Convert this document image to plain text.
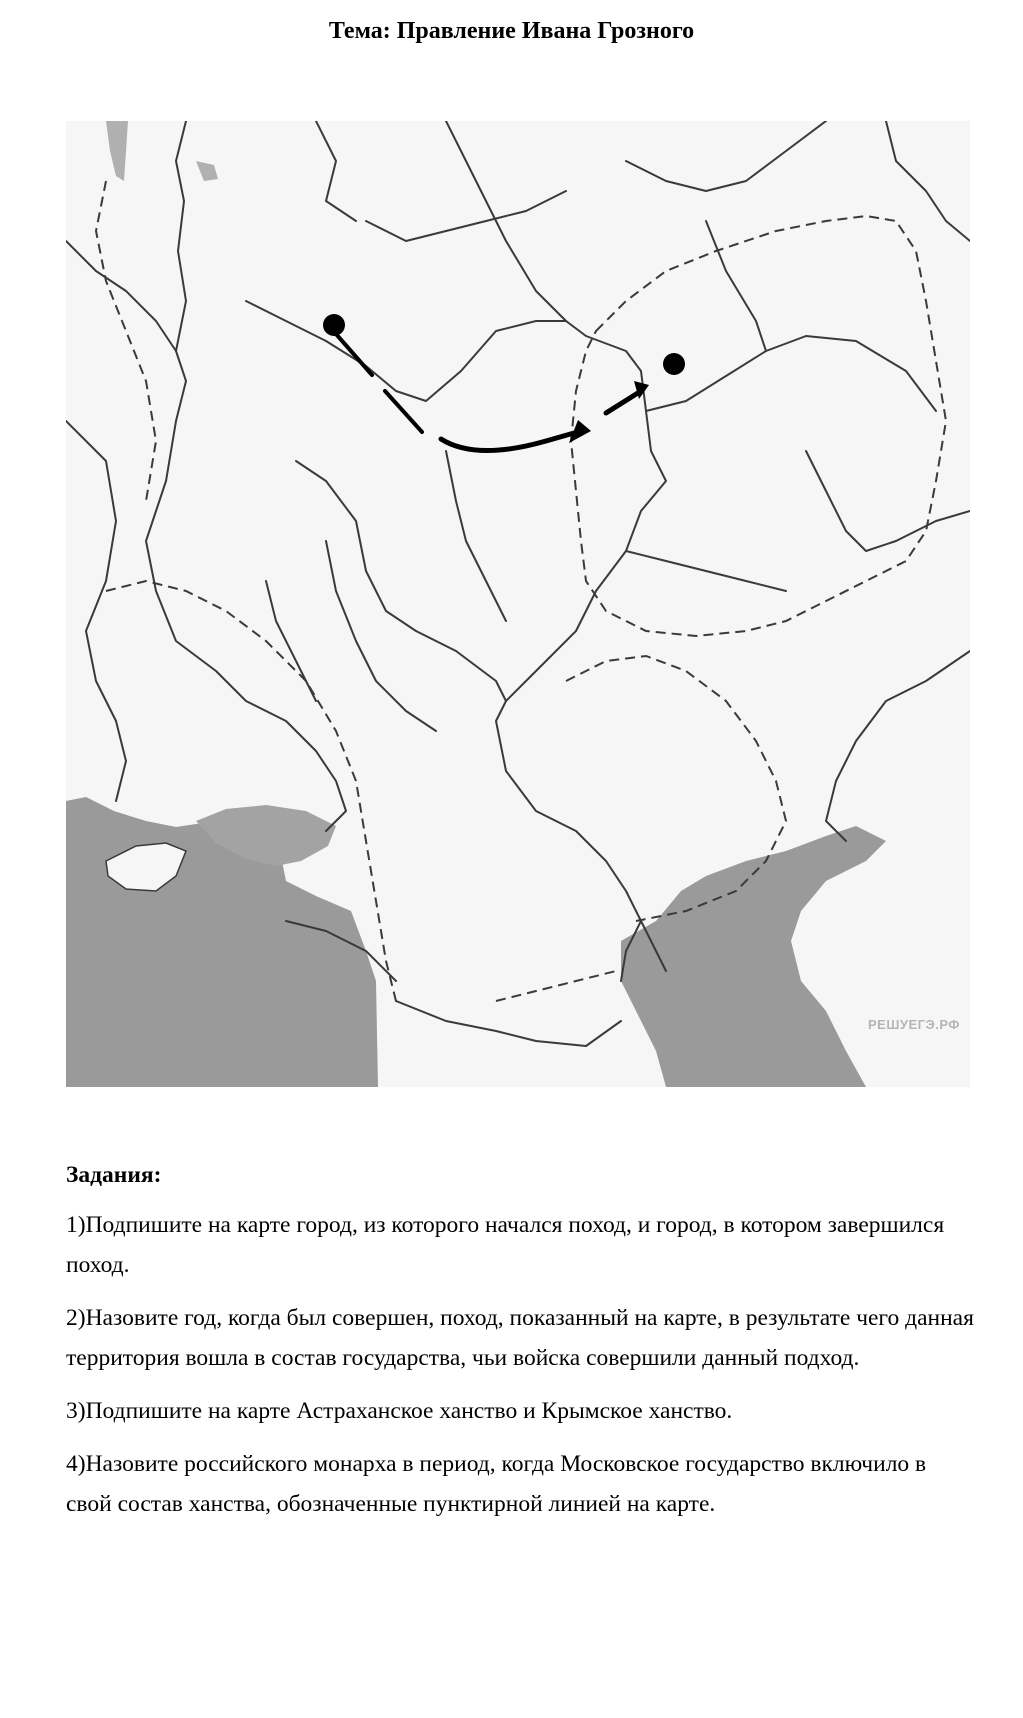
Тема: Правление Ивана Грозного
РЕШУЕГЭ.РФ

Задания:

1)Подпишите на карте город, из которого начался поход, и город, в котором завершился поход.

2)Назовите год, когда был совершен, поход, показанный на карте, в результате чего данная территория вошла в состав государства, чьи войска совершили данный подход.

3)Подпишите на карте Астраханское ханство и Крымское ханство.

4)Назовите российского монарха в период, когда Московское государство включило в свой состав ханства, обозначенные пунктирной линией на карте.
